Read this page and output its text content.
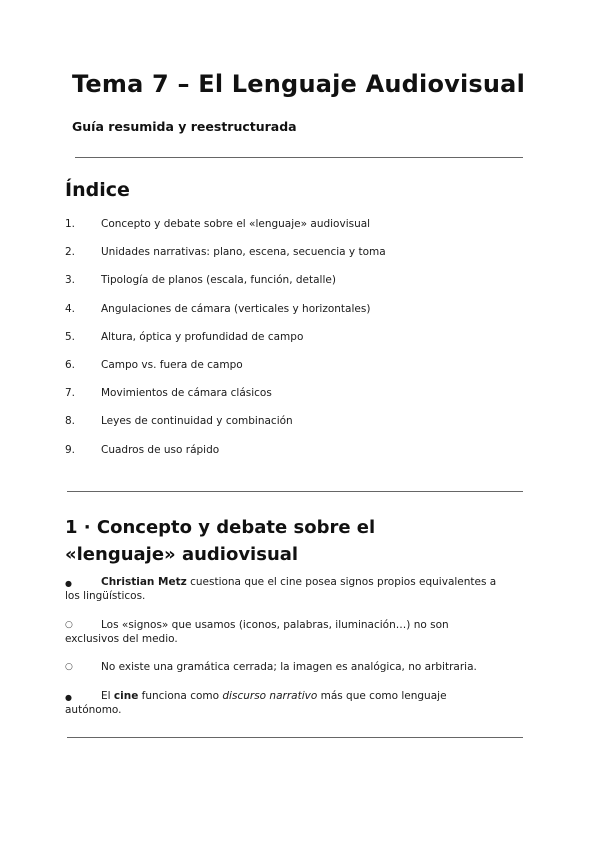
Tema 7 – El Lenguaje Audiovisual
Guía resumida y reestructurada
Índice
1. Concepto y debate sobre el «lenguaje» audiovisual
2. Unidades narrativas: plano, escena, secuencia y toma
3. Tipología de planos (escala, función, detalle)
4. Angulaciones de cámara (verticales y horizontales)
5. Altura, óptica y profundidad de campo
6. Campo vs. fuera de campo
7. Movimientos de cámara clásicos
8. Leyes de continuidad y combinación
9. Cuadros de uso rápido
1 · Concepto y debate sobre el «lenguaje» audiovisual
●	Christian Metz cuestiona que el cine posea signos propios equivalentes a los lingüísticos.
○	Los «signos» que usamos (iconos, palabras, iluminación…) no son exclusivos del medio.
○	No existe una gramática cerrada; la imagen es analógica, no arbitraria.
●	El cine funciona como discurso narrativo más que como lenguaje autónomo.
